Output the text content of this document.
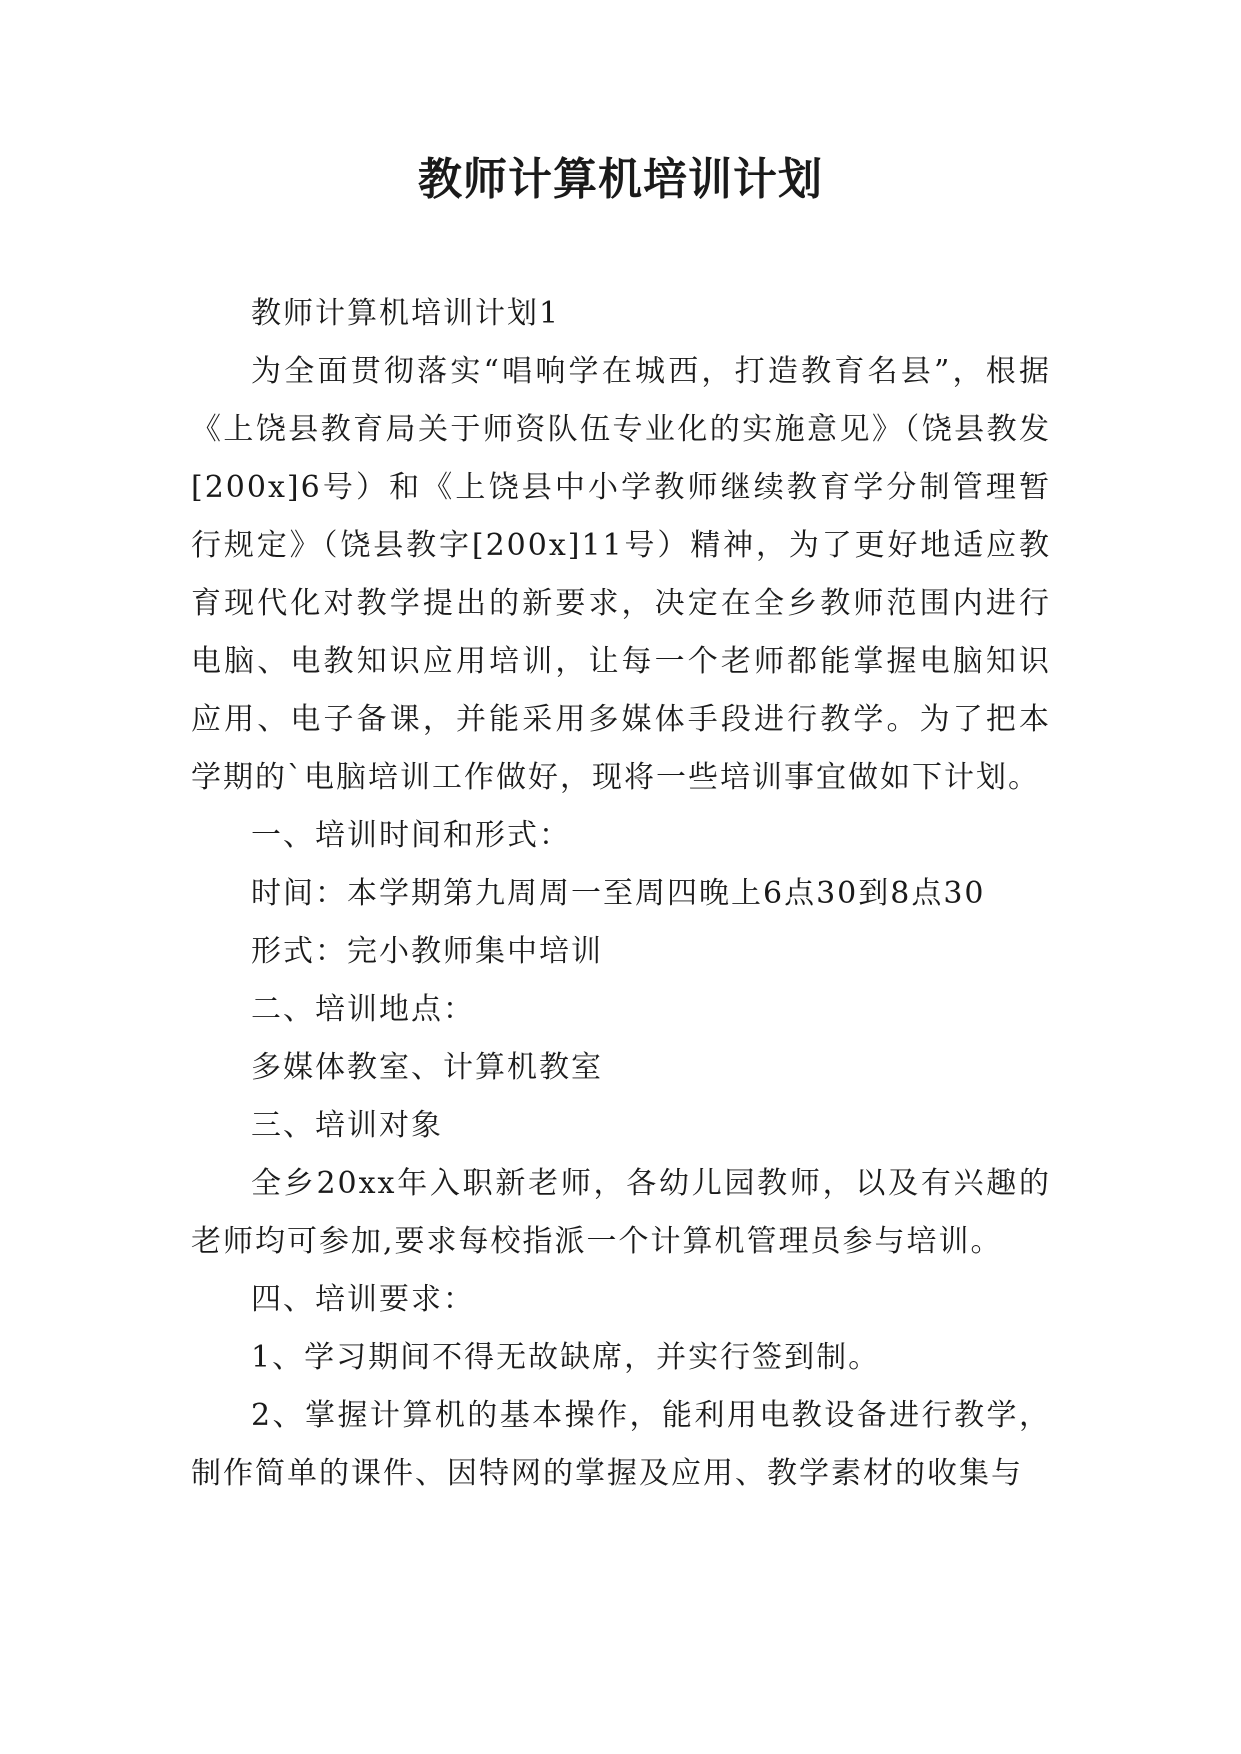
教师计算机培训计划

教师计算机培训计划1

为全面贯彻落实“唱响学在城西，打造教育名县”，根据《上饶县教育局关于师资队伍专业化的实施意见》（饶县教发[200x]6号）和《上饶县中小学教师继续教育学分制管理暂行规定》（饶县教字[200x]11号）精神，为了更好地适应教育现代化对教学提出的新要求，决定在全乡教师范围内进行电脑、电教知识应用培训，让每一个老师都能掌握电脑知识应用、电子备课，并能采用多媒体手段进行教学。为了把本学期的`电脑培训工作做好，现将一些培训事宜做如下计划。

一、培训时间和形式：

时间：本学期第九周周一至周四晚上6点30到8点30

形式：完小教师集中培训

二、培训地点：

多媒体教室、计算机教室

三、培训对象

全乡20xx年入职新老师，各幼儿园教师，以及有兴趣的老师均可参加,要求每校指派一个计算机管理员参与培训。

四、培训要求：

1、学习期间不得无故缺席，并实行签到制。

2、掌握计算机的基本操作，能利用电教设备进行教学，制作简单的课件、因特网的掌握及应用、教学素材的收集与
